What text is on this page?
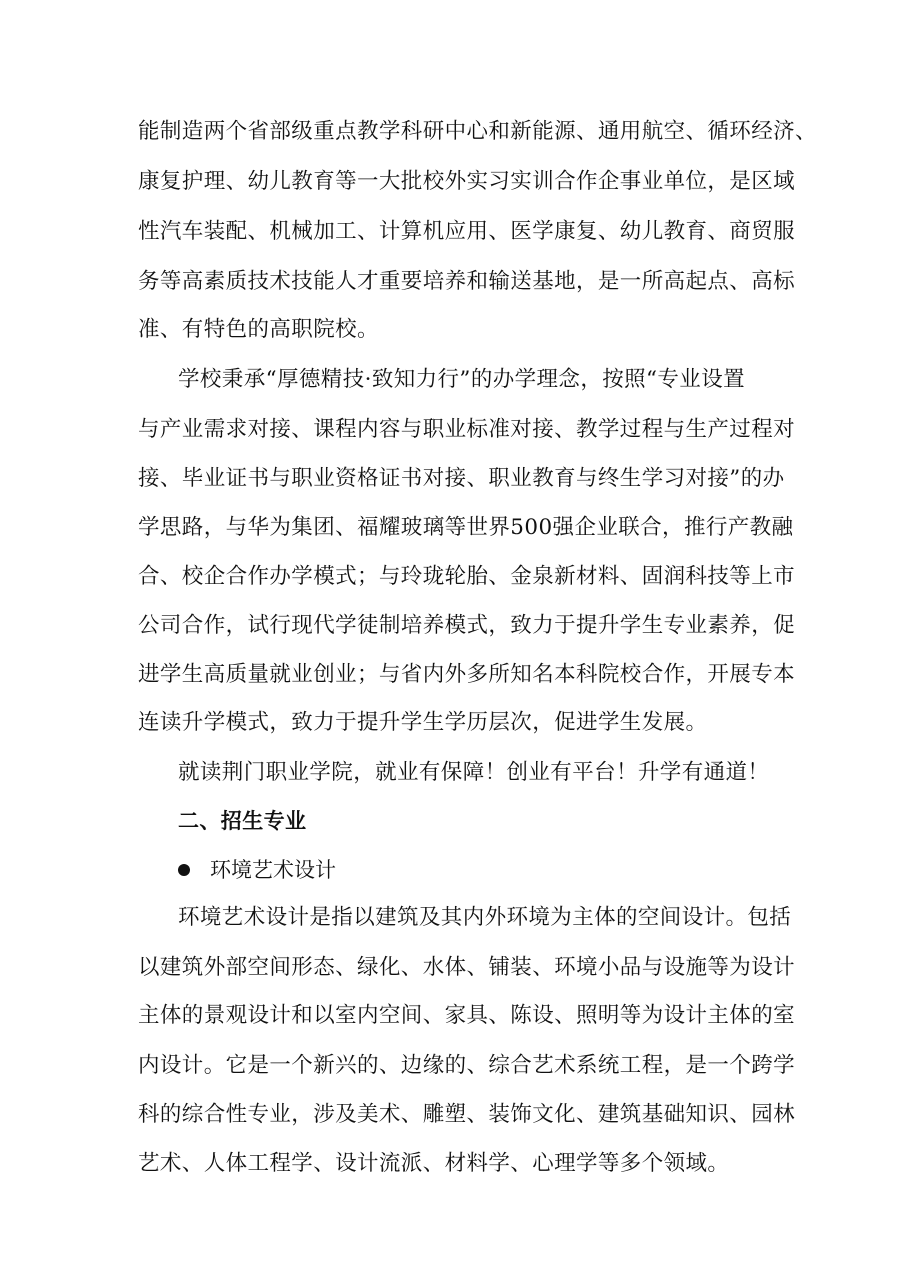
能制造两个省部级重点教学科研中心和新能源、通用航空、循环经济、
康复护理、幼儿教育等一大批校外实习实训合作企事业单位，是区域
性汽车装配、机械加工、计算机应用、医学康复、幼儿教育、商贸服
务等高素质技术技能人才重要培养和输送基地，是一所高起点、高标
准、有特色的高职院校。
学校秉承“厚德精技·致知力行”的办学理念，按照“专业设置
与产业需求对接、课程内容与职业标准对接、教学过程与生产过程对
接、毕业证书与职业资格证书对接、职业教育与终生学习对接”的办
学思路，与华为集团、福耀玻璃等世界500强企业联合，推行产教融
合、校企合作办学模式；与玲珑轮胎、金泉新材料、固润科技等上市
公司合作，试行现代学徒制培养模式，致力于提升学生专业素养，促
进学生高质量就业创业；与省内外多所知名本科院校合作，开展专本
连读升学模式，致力于提升学生学历层次，促进学生发展。
就读荆门职业学院，就业有保障！创业有平台！升学有通道！
二、招生专业
环境艺术设计
环境艺术设计是指以建筑及其内外环境为主体的空间设计。包括
以建筑外部空间形态、绿化、水体、铺装、环境小品与设施等为设计
主体的景观设计和以室内空间、家具、陈设、照明等为设计主体的室
内设计。它是一个新兴的、边缘的、综合艺术系统工程，是一个跨学
科的综合性专业，涉及美术、雕塑、装饰文化、建筑基础知识、园林
艺术、人体工程学、设计流派、材料学、心理学等多个领域。
